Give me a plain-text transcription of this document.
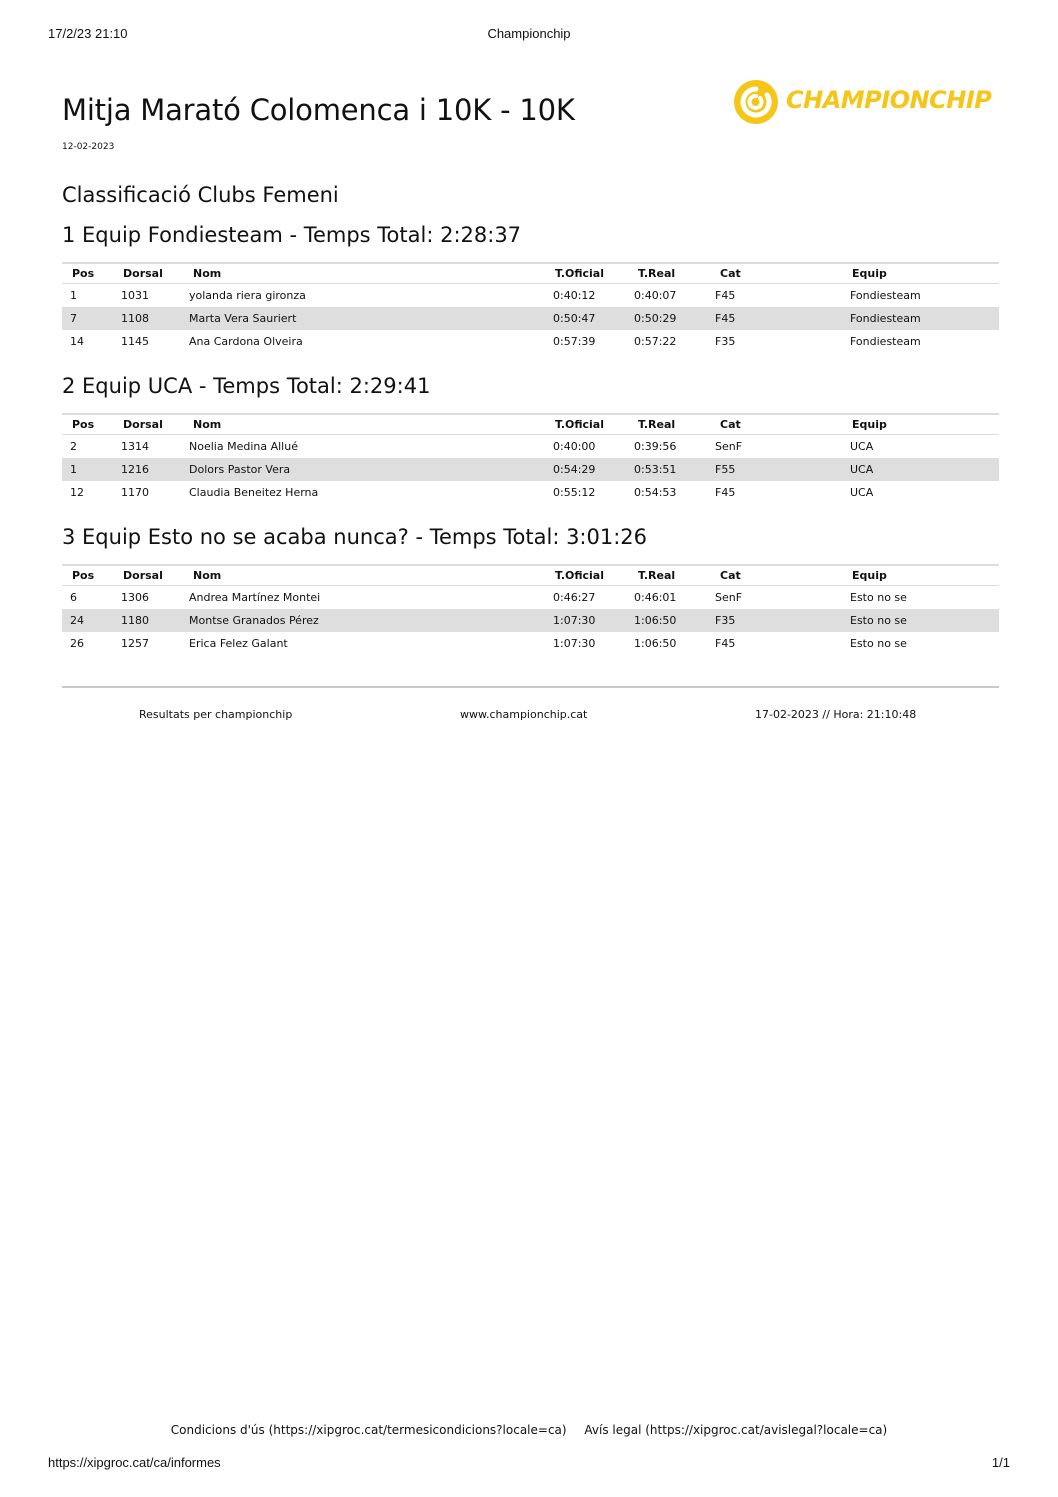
17/2/23 21:10	Championchip
CHAMPIONCHIP
Mitja Marató Colomenca i 10K - 10K
12-02-2023
Classificació Clubs Femeni
1 Equip Fondiesteam - Temps Total: 2:28:37
Pos	Dorsal	Nom	T.Oficial	T.Real	Cat	Equip
1	1031	yolanda riera gironza	0:40:12	0:40:07	F45	Fondiesteam
7	1108	Marta Vera Sauriert	0:50:47	0:50:29	F45	Fondiesteam
14	1145	Ana Cardona Olveira	0:57:39	0:57:22	F35	Fondiesteam
2 Equip UCA - Temps Total: 2:29:41
Pos	Dorsal	Nom	T.Oficial	T.Real	Cat	Equip
2	1314	Noelia Medina Allué	0:40:00	0:39:56	SenF	UCA
1	1216	Dolors Pastor Vera	0:54:29	0:53:51	F55	UCA
12	1170	Claudia Beneitez Herna	0:55:12	0:54:53	F45	UCA
3 Equip Esto no se acaba nunca? - Temps Total: 3:01:26
Pos	Dorsal	Nom	T.Oficial	T.Real	Cat	Equip
6	1306	Andrea Martínez Montei	0:46:27	0:46:01	SenF	Esto no se
24	1180	Montse Granados Pérez	1:07:30	1:06:50	F35	Esto no se
26	1257	Erica Felez Galant	1:07:30	1:06:50	F45	Esto no se
Resultats per championchip	www.championchip.cat	17-02-2023 // Hora: 21:10:48
Condicions d'ús (https://xipgroc.cat/termesicondicions?locale=ca) Avís legal (https://xipgroc.cat/avislegal?locale=ca)
https://xipgroc.cat/ca/informes	1/1
